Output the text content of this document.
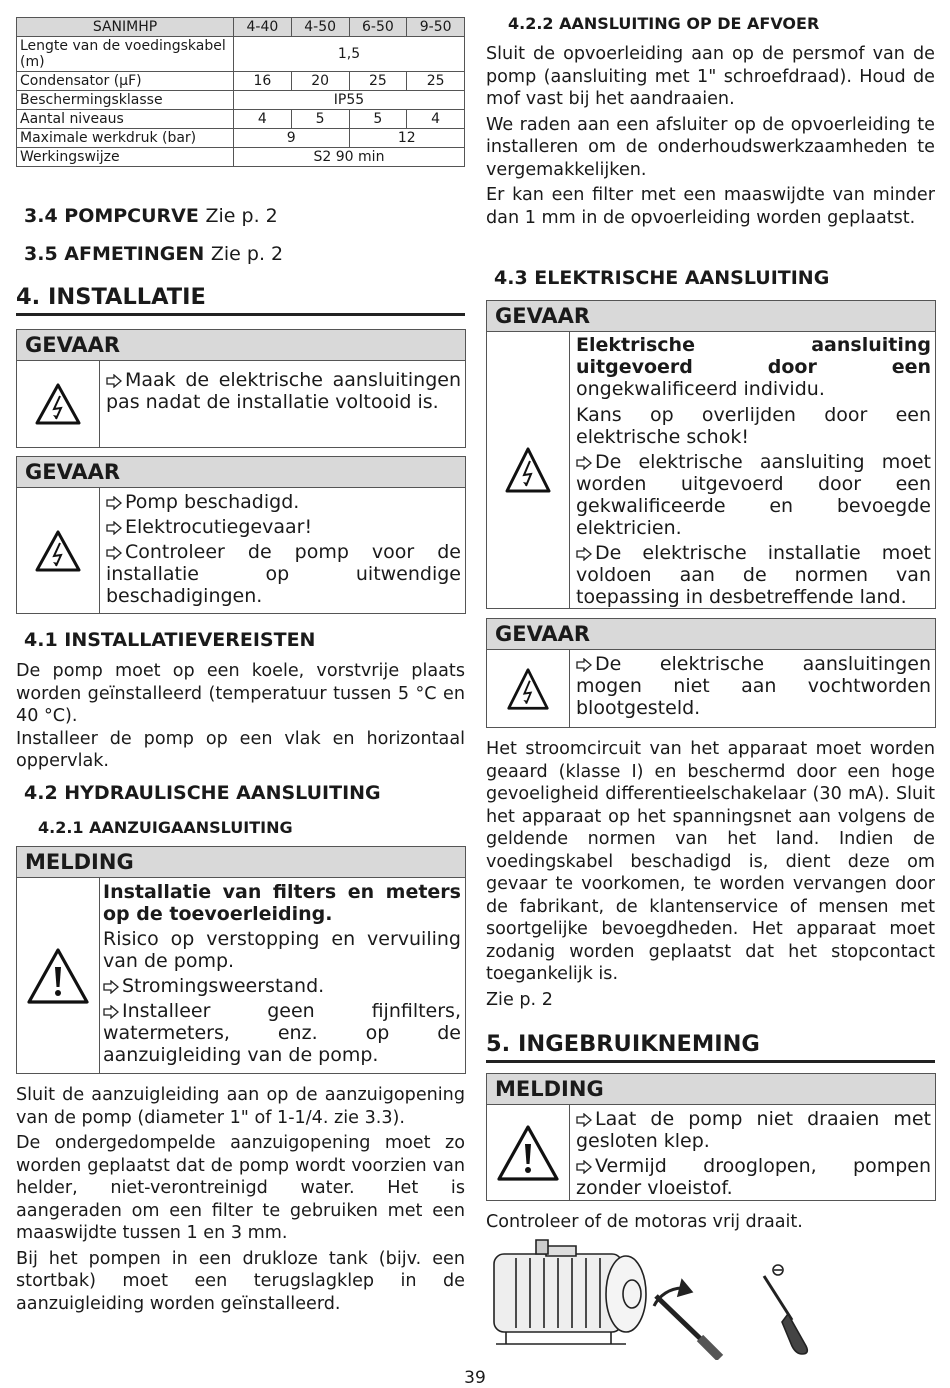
SANIMHP	4-40	4-50	6-50	9-50
Lengte van de voedingskabel (m)	1,5			
Condensator (µF)	16	20	25	25
Beschermingsklasse	IP55			
Aantal niveaus	4	5	5	4
Maximale werkdruk (bar)	9		12	
Werkingswijze	S2 90 min			
3.4 POMPCURVE Zie p. 2
3.5 AFMETINGEN Zie p. 2
4. INSTALLATIE
GEVAAR

Maak de elektrische aansluitingen pas nadat de installatie voltooid is.

GEVAAR

Pomp beschadigd.

Elektrocutiegevaar!

Controleer de pomp voor de installatie op uitwendige beschadigingen.

4.1 INSTALLATIEVEREISTEN

De pomp moet op een koele, vorstvrije plaats worden geïnstalleerd (temperatuur tussen 5 °C en 40 °C).

Installeer de pomp op een vlak en horizontaal oppervlak.

4.2 HYDRAULISCHE AANSLUITING
4.2.1 AANZUIGAANSLUITING
MELDING

Installatie van filters en meters op de toevoerleiding.

Risico op verstopping en vervuiling van de pomp.

Stromingsweerstand.

Installeer geen fijnfilters, watermeters, enz. op de aanzuigleiding van de pomp.

Sluit de aanzuigleiding aan op de aanzuigopening van de pomp (diameter 1" of 1-1/4. zie 3.3).

De ondergedompelde aanzuigopening moet zo worden geplaatst dat de pomp wordt voorzien van helder, niet-verontreinigd water. Het is aangeraden om een filter te gebruiken met een maaswijdte tussen 1 en 3 mm.

Bij het pompen in een drukloze tank (bijv. een stortbak) moet een terugslagklep in de aanzuigleiding worden geïnstalleerd.

4.2.2 AANSLUITING OP DE AFVOER

Sluit de opvoerleiding aan op de persmof van de pomp (aansluiting met 1" schroefdraad). Houd de mof vast bij het aandraaien.

We raden aan een afsluiter op de opvoerleiding te installeren om de onderhoudswerkzaamheden te vergemakkelijken.

Er kan een filter met een maaswijdte van minder dan 1 mm in de opvoerleiding worden geplaatst.

4.3 ELEKTRISCHE AANSLUITING
GEVAAR

Elektrische aansluiting uitgevoerd door een ongekwalificeerd individu.

Kans op overlijden door een elektrische schok!

De elektrische aansluiting moet worden uitgevoerd door een gekwalificeerde en bevoegde elektricien.

De elektrische installatie moet voldoen aan de normen van toepassing in desbetreffende land.

GEVAAR

De elektrische aansluitingen mogen niet aan vochtworden blootgesteld.

Het stroomcircuit van het apparaat moet worden geaard (klasse I) en beschermd door een hoge gevoeligheid differentieelschakelaar (30 mA). Sluit het apparaat op het spanningsnet aan volgens de geldende normen van het land. Indien de voedingskabel beschadigd is, dient deze om gevaar te voorkomen, te worden vervangen door de fabrikant, de klantenservice of mensen met soortgelijke bevoegdheden. Het apparaat moet zodanig worden geplaatst dat het stopcontact toegankelijk is.

Zie p. 2

5. INGEBRUIKNEMING
MELDING

Laat de pomp niet draaien met gesloten klep.

Vermijd drooglopen, pompen zonder vloeistof.

Controleer of de motoras vrij draait.

39
